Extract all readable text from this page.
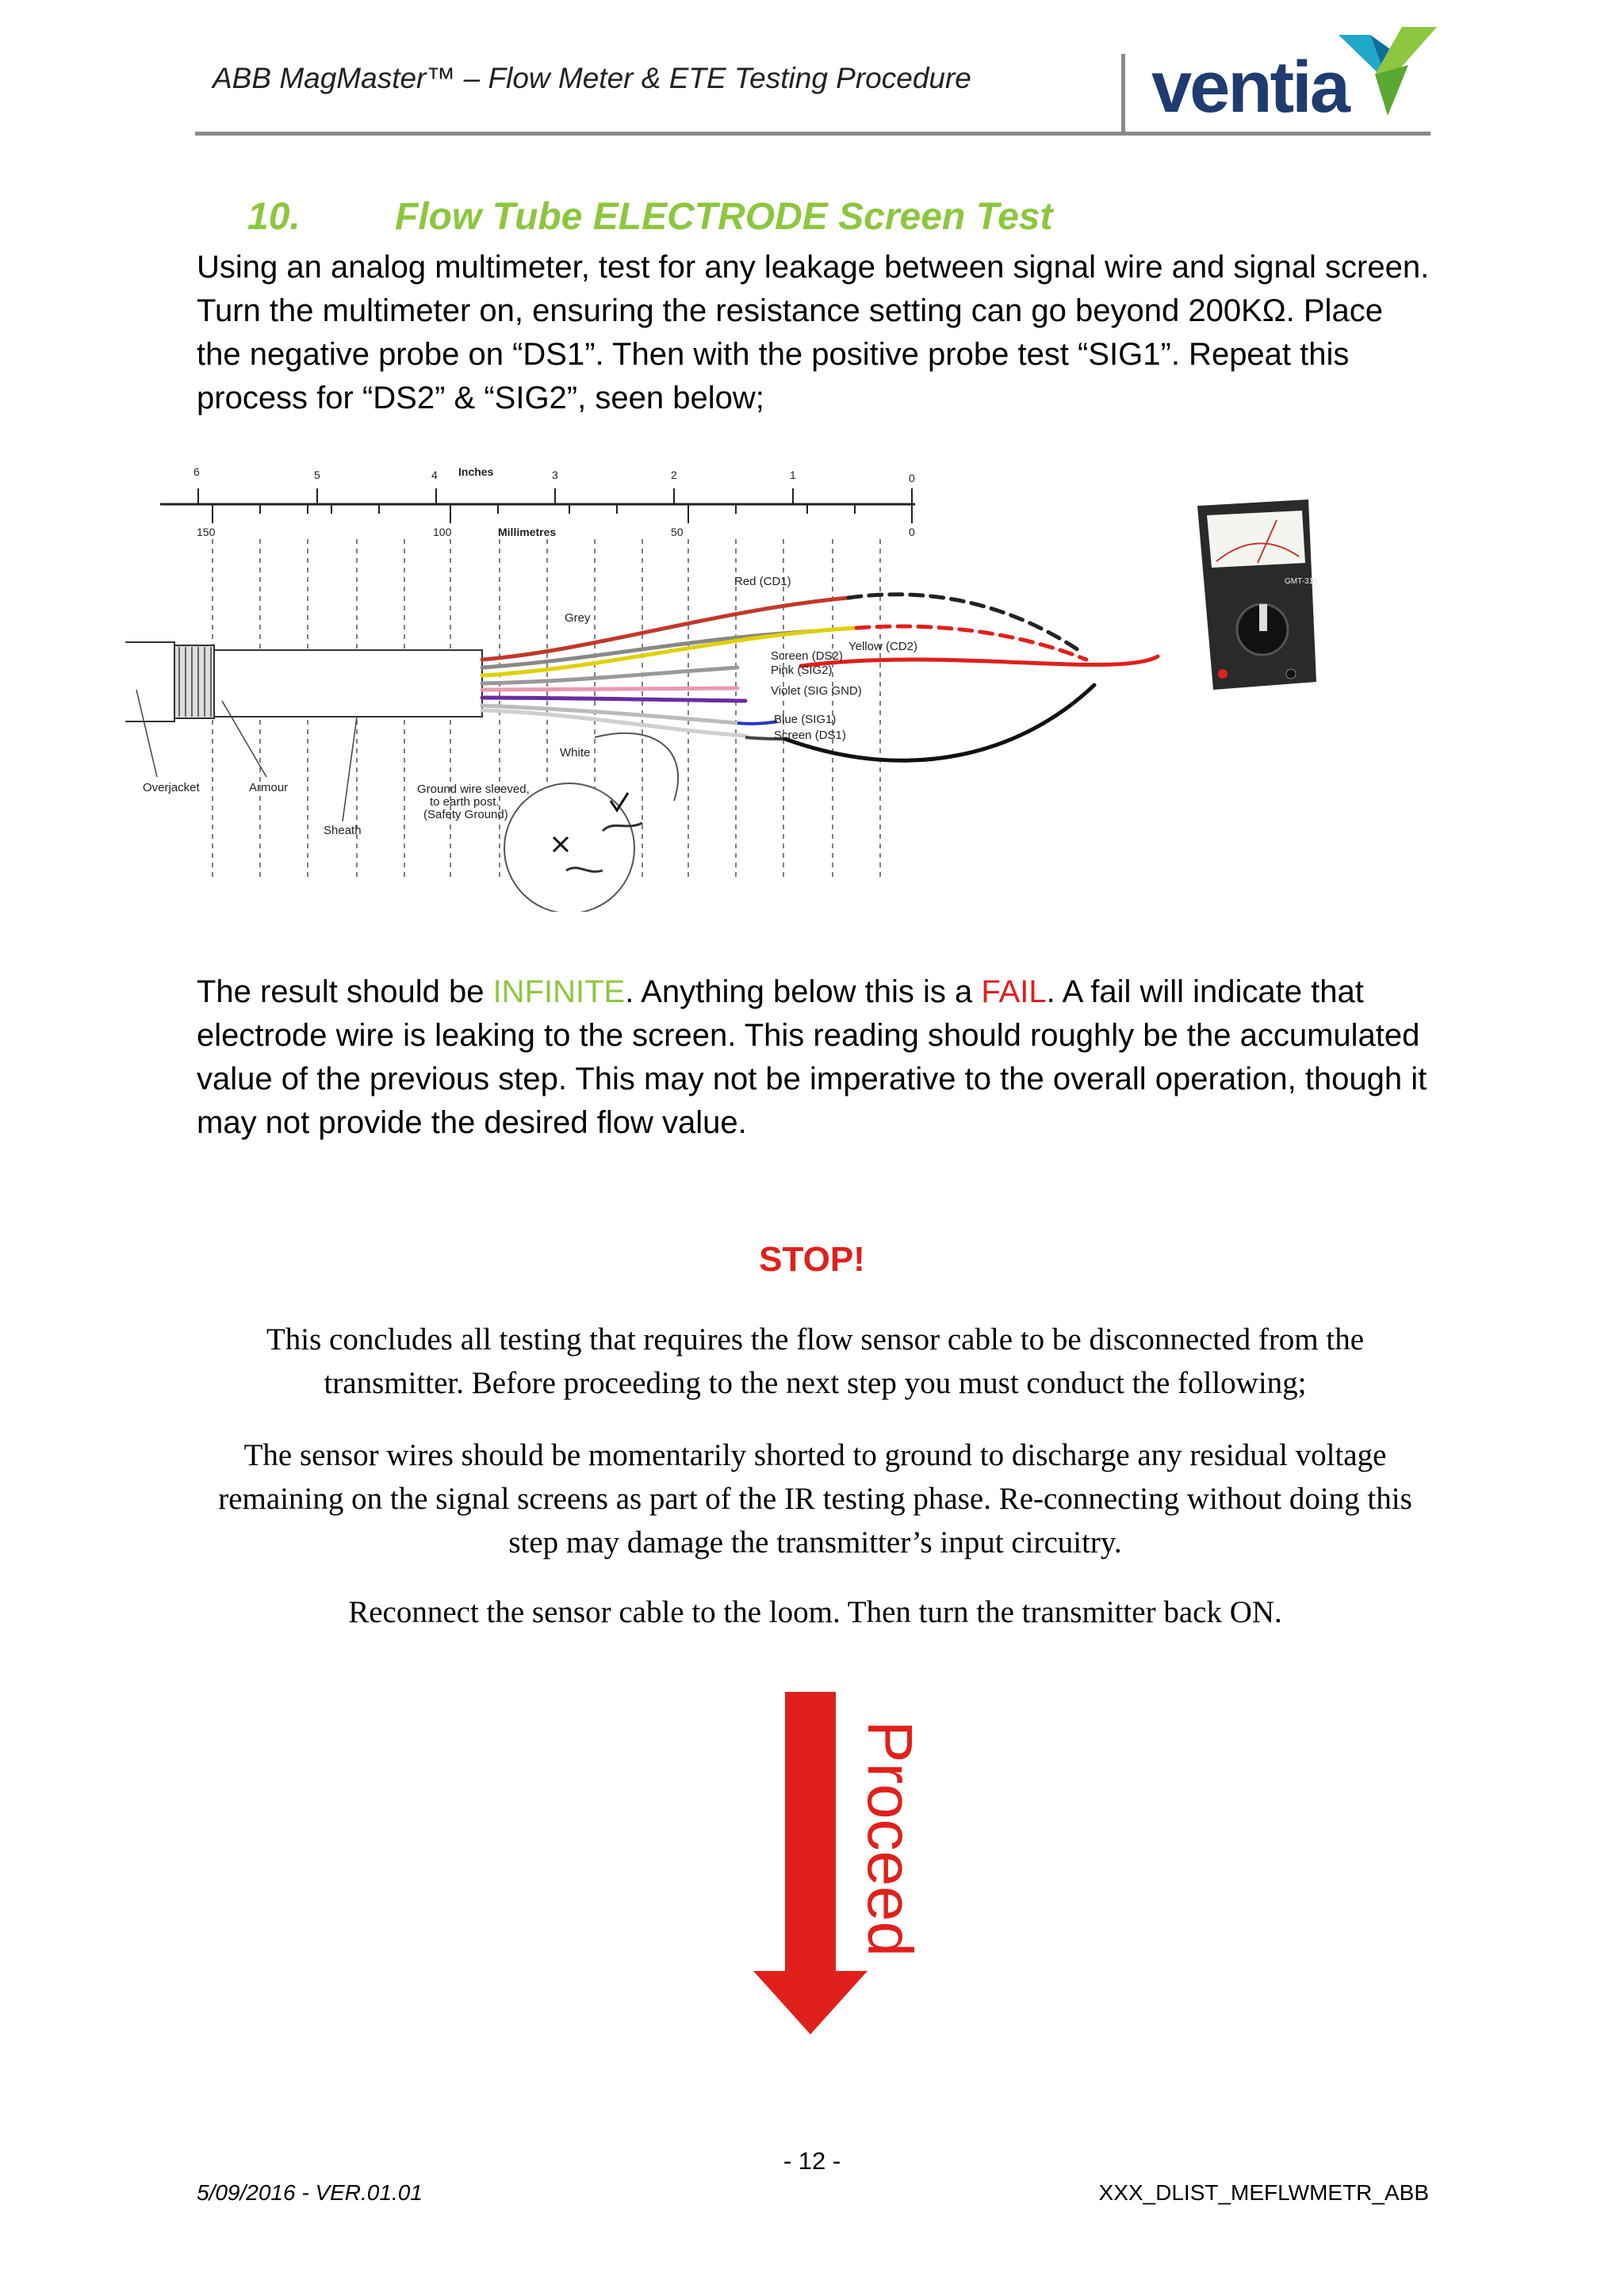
ABB MagMaster™ – Flow Meter & ETE Testing Procedure ventia
10. Flow Tube ELECTRODE Screen Test
Using an analog multimeter, test for any leakage between signal wire and signal screen. Turn the multimeter on, ensuring the resistance setting can go beyond 200KΩ. Place the negative probe on “DS1”. Then with the positive probe test “SIG1”. Repeat this process for “DS2” & “SIG2”, seen below;
Inches
Millimetres
6	5	4	3	2	1	0
150	100	50	0
GMT-318
Red (CD1)
Grey
Yellow (CD2)
Screen (DS2)
Pink (SIG2)
Violet (SIG GND)
Blue (SIG1)
Screen (DS1)
White
Overjacket	Armour
Sheath
Ground wire sleeved,
to earth post.
(Safety Ground)
The result should be INFINITE. Anything below this is a FAIL. A fail will indicate that electrode wire is leaking to the screen. This reading should roughly be the accumulated value of the previous step. This may not be imperative to the overall operation, though it may not provide the desired flow value.
STOP!
This concludes all testing that requires the flow sensor cable to be disconnected from the transmitter. Before proceeding to the next step you must conduct the following;
The sensor wires should be momentarily shorted to ground to discharge any residual voltage remaining on the signal screens as part of the IR testing phase. Re-connecting without doing this step may damage the transmitter’s input circuitry.
Reconnect the sensor cable to the loom. Then turn the transmitter back ON.
Proceed
- 12 -
5/09/2016 - VER.01.01	XXX_DLIST_MEFLWMETR_ABB
